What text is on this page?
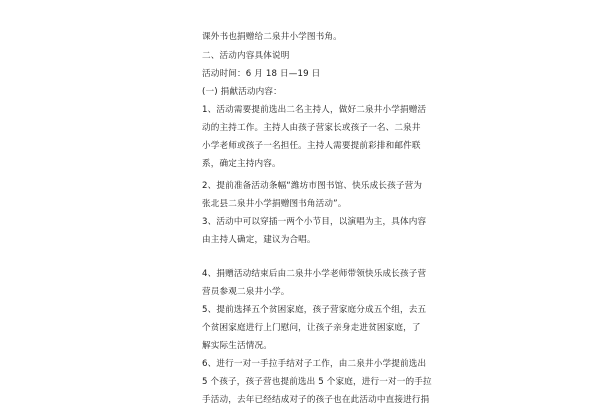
课外书也捐赠给二泉井小学图书角。
二、活动内容具体说明
活动时间：6 月 18 日—19 日
(一) 捐献活动内容：
1、活动需要提前选出二名主持人，做好二泉井小学捐赠活
动的主持工作。主持人由孩子营家长或孩子一名、二泉井
小学老师或孩子一名担任。主持人需要提前彩排和邮件联
系，确定主持内容。
2、提前准备活动条幅“潍坊市图书馆、快乐成长孩子营为
张北县二泉井小学捐赠图书角活动”。
3、活动中可以穿插一两个小节目，以演唱为主，具体内容
由主持人确定，建议为合唱。
4、捐赠活动结束后由二泉井小学老师带领快乐成长孩子营
营员参观二泉井小学。
5、提前选择五个贫困家庭，孩子营家庭分成五个组，去五
个贫困家庭进行上门慰问，让孩子亲身走进贫困家庭，了
解实际生活情况。
6、进行一对一手拉手结对子工作，由二泉井小学提前选出
5 个孩子，孩子营也提前选出 5 个家庭，进行一对一的手拉
手活动，去年已经结成对子的孩子也在此活动中直接进行捐
